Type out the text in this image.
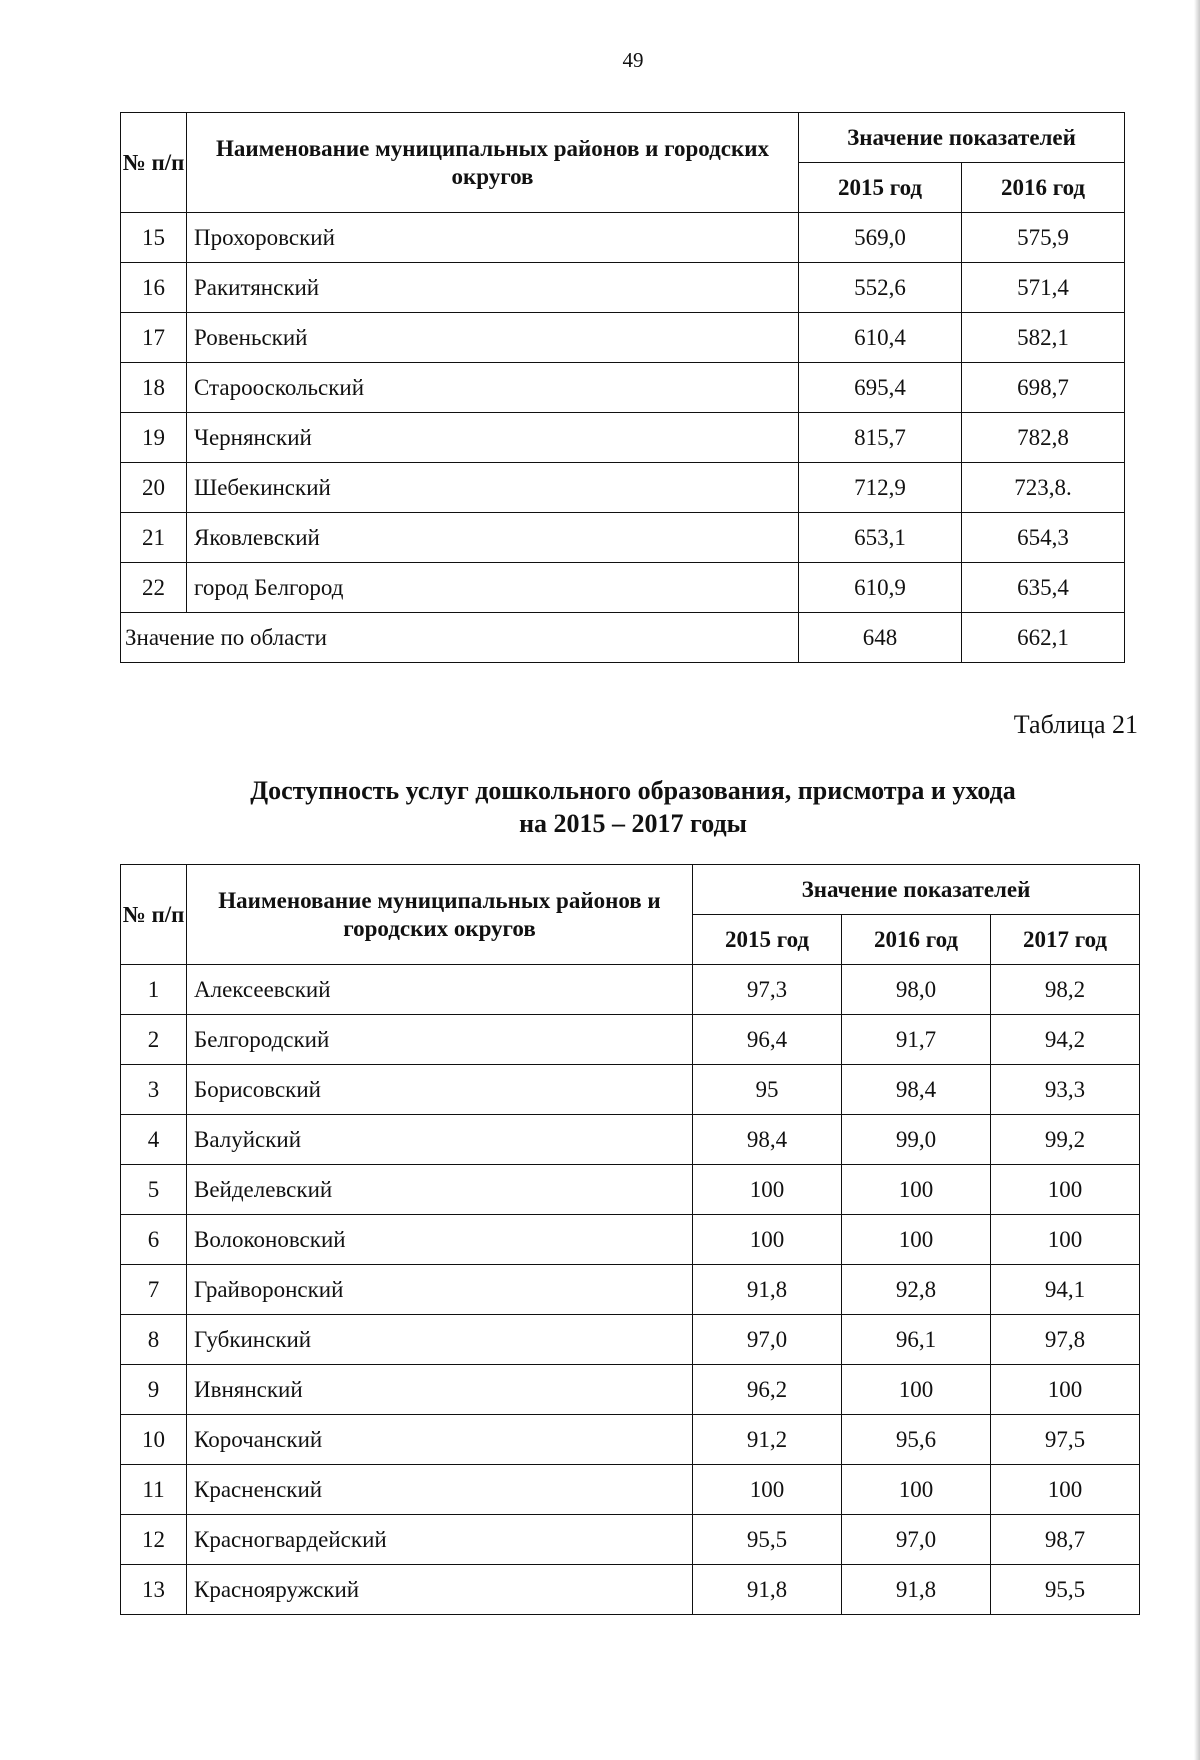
49
№ п/п	Наименование муниципальных районов и городских округов	Значение показателей	
		2015 год	2016 год
15	Прохоровский	569,0	575,9
16	Ракитянский	552,6	571,4
17	Ровеньский	610,4	582,1
18	Старооскольский	695,4	698,7
19	Чернянский	815,7	782,8
20	Шебекинский	712,9	723,8.
21	Яковлевский	653,1	654,3
22	город Белгород	610,9	635,4
Значение по области		648	662,1
Таблица 21
Доступность услуг дошкольного образования, присмотра и ухода
на 2015 – 2017 годы
№ п/п	Наименование муниципальных районов и городских округов	Значение показателей		
		2015 год	2016 год	2017 год
1	Алексеевский	97,3	98,0	98,2
2	Белгородский	96,4	91,7	94,2
3	Борисовский	95	98,4	93,3
4	Валуйский	98,4	99,0	99,2
5	Вейделевский	100	100	100
6	Волоконовский	100	100	100
7	Грайворонский	91,8	92,8	94,1
8	Губкинский	97,0	96,1	97,8
9	Ивнянский	96,2	100	100
10	Корочанский	91,2	95,6	97,5
11	Красненский	100	100	100
12	Красногвардейский	95,5	97,0	98,7
13	Краснояружский	91,8	91,8	95,5
